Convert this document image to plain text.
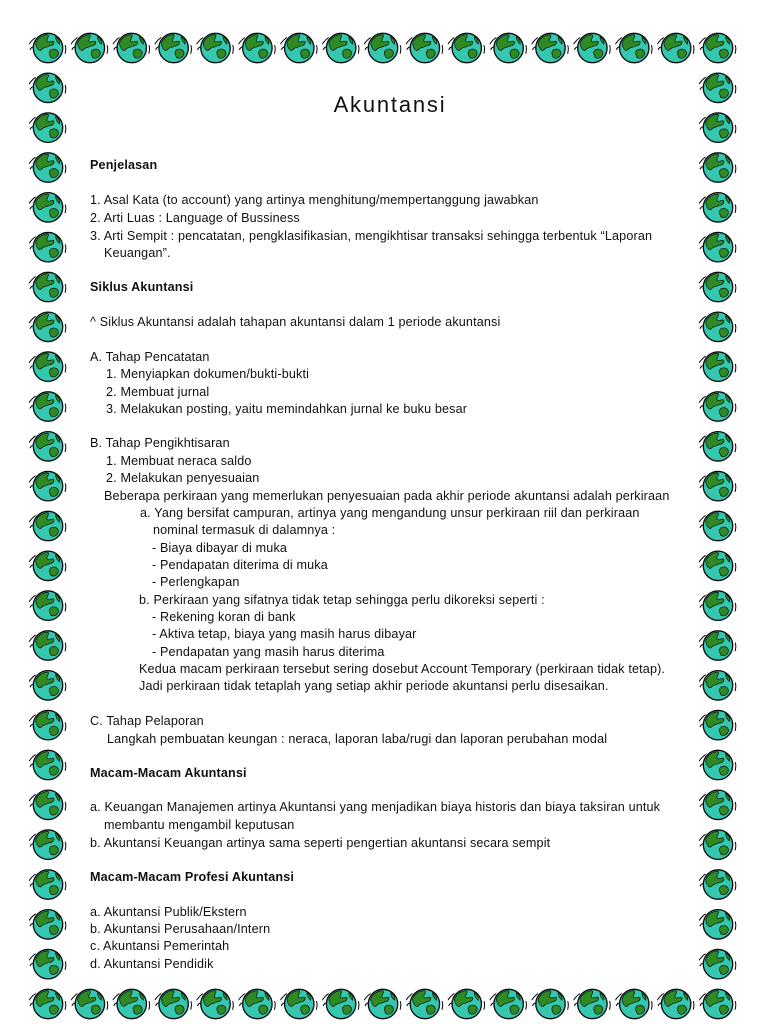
Akuntansi
Penjelasan
1. Asal Kata (to account) yang artinya menghitung/mempertanggung jawabkan
2. Arti Luas : Language of Bussiness
3. Arti Sempit : pencatatan, pengklasifikasian, mengikhtisar transaksi sehingga terbentuk “Laporan
Keuangan”.
Siklus Akuntansi
^ Siklus Akuntansi adalah tahapan akuntansi dalam 1 periode akuntansi
A. Tahap Pencatatan
1. Menyiapkan dokumen/bukti-bukti
2. Membuat jurnal
3. Melakukan posting, yaitu memindahkan jurnal ke buku besar
B. Tahap Pengikhtisaran
1. Membuat neraca saldo
2. Melakukan penyesuaian
Beberapa perkiraan yang memerlukan penyesuaian pada akhir periode akuntansi adalah perkiraan
a. Yang bersifat campuran, artinya yang mengandung unsur perkiraan riil dan perkiraan
nominal termasuk di dalamnya :
- Biaya dibayar di muka
- Pendapatan diterima di muka
- Perlengkapan
b. Perkiraan yang sifatnya tidak tetap sehingga perlu dikoreksi seperti :
- Rekening koran di bank
- Aktiva tetap, biaya yang masih harus dibayar
- Pendapatan yang masih harus diterima
Kedua macam perkiraan tersebut sering dosebut Account Temporary (perkiraan tidak tetap).
Jadi perkiraan tidak tetaplah yang setiap akhir periode akuntansi perlu disesaikan.
C. Tahap Pelaporan
Langkah pembuatan keungan : neraca, laporan laba/rugi dan laporan perubahan modal
Macam-Macam Akuntansi
a. Keuangan Manajemen artinya Akuntansi yang menjadikan biaya historis dan biaya taksiran untuk
membantu mengambil keputusan
b. Akuntansi Keuangan artinya sama seperti pengertian akuntansi secara sempit
Macam-Macam Profesi Akuntansi
a. Akuntansi Publik/Ekstern
b. Akuntansi Perusahaan/Intern
c. Akuntansi Pemerintah
d. Akuntansi Pendidik
